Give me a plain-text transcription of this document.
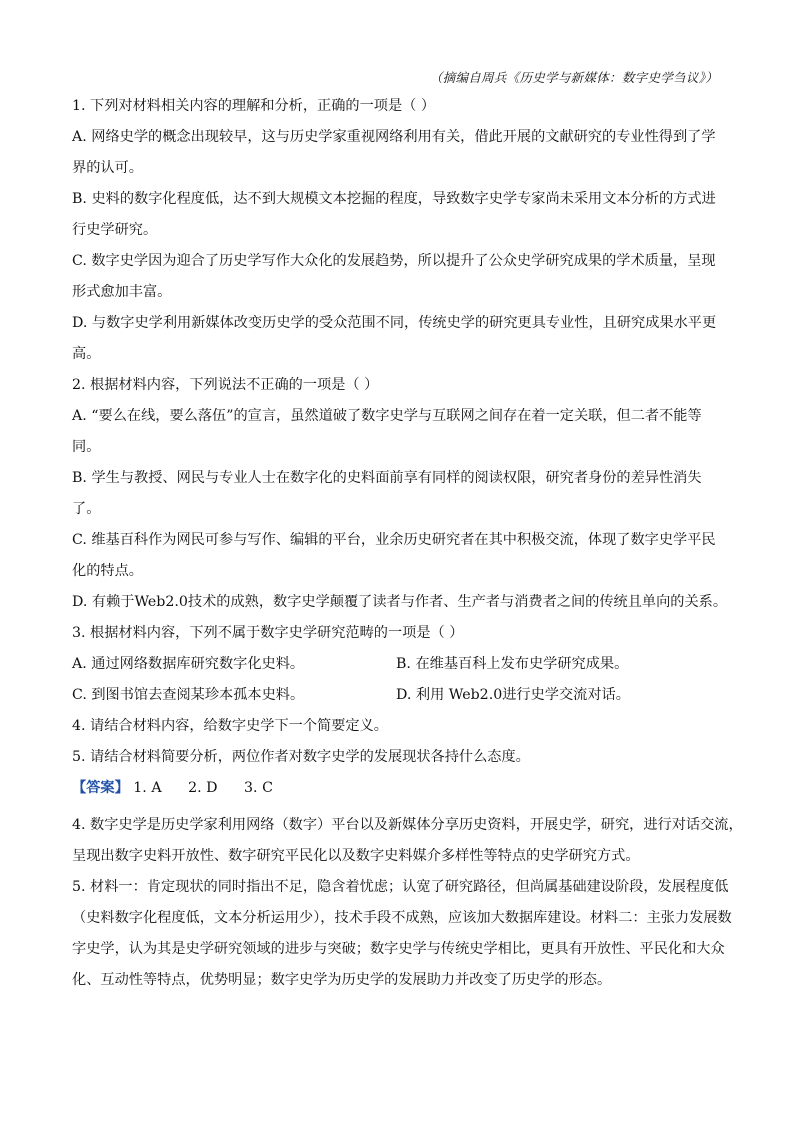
（摘编自周兵《历史学与新媒体：数字史学刍议》）

1. 下列对材料相关内容的理解和分析，正确的一项是（ ）

A. 网络史学的概念出现较早，这与历史学家重视网络利用有关，借此开展的文献研究的专业性得到了学

界的认可。

B. 史料的数字化程度低，达不到大规模文本挖掘的程度，导致数字史学专家尚未采用文本分析的方式进

行史学研究。

C. 数字史学因为迎合了历史学写作大众化的发展趋势，所以提升了公众史学研究成果的学术质量，呈现

形式愈加丰富。

D. 与数字史学利用新媒体改变历史学的受众范围不同，传统史学的研究更具专业性，且研究成果水平更

高。

2. 根据材料内容，下列说法不正确的一项是（ ）

A. “要么在线，要么落伍”的宣言，虽然道破了数字史学与互联网之间存在着一定关联，但二者不能等

同。

B. 学生与教授、网民与专业人士在数字化的史料面前享有同样的阅读权限，研究者身份的差异性消失

了。

C. 维基百科作为网民可参与写作、编辑的平台，业余历史研究者在其中积极交流，体现了数字史学平民

化的特点。

D. 有赖于Web2.0技术的成熟，数字史学颠覆了读者与作者、生产者与消费者之间的传统且单向的关系。

3. 根据材料内容，下列不属于数字史学研究范畴的一项是（ ）

A. 通过网络数据库研究数字化史料。	B. 在维基百科上发布史学研究成果。
C. 到图书馆去查阅某珍本孤本史料。	D. 利用 Web2.0进行史学交流对话。

4. 请结合材料内容，给数字史学下一个简要定义。

5. 请结合材料简要分析，两位作者对数字史学的发展现状各持什么态度。

【答案】 1. A 2. D 3. C

4. 数字史学是历史学家利用网络（数字）平台以及新媒体分享历史资料，开展史学，研究，进行对话交流，

呈现出数字史料开放性、数字研究平民化以及数字史料媒介多样性等特点的史学研究方式。

5. 材料一：肯定现状的同时指出不足，隐含着忧虑；认宽了研究路径，但尚属基础建设阶段，发展程度低

（史料数字化程度低，文本分析运用少），技术手段不成熟，应该加大数据库建设。材料二：主张力发展数

字史学，认为其是史学研究领域的进步与突破；数字史学与传统史学相比，更具有开放性、平民化和大众

化、互动性等特点，优势明显；数字史学为历史学的发展助力并改变了历史学的形态。
